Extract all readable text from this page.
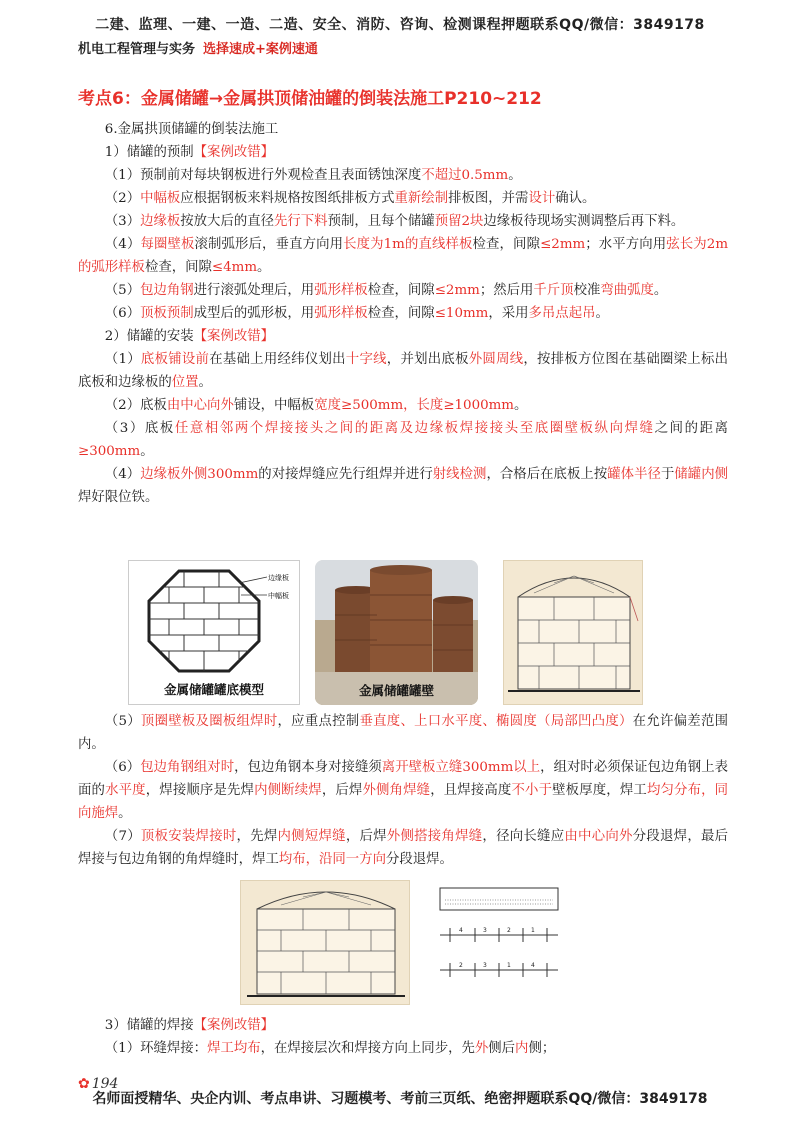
二建、监理、一建、一造、二造、安全、消防、咨询、检测课程押题联系QQ/微信：3849178
机电工程管理与实务 选择速成+案例速通
考点6：金属储罐→金属拱顶储油罐的倒装法施工P210~212

6.金属拱顶储罐的倒装法施工

1）储罐的预制【案例改错】

（1）预制前对每块钢板进行外观检查且表面锈蚀深度不超过0.5mm。

（2）中幅板应根据钢板来料规格按图纸排板方式重新绘制排板图，并需设计确认。

（3）边缘板按放大后的直径先行下料预制，且每个储罐预留2块边缘板待现场实测调整后再下料。

（4）每圈壁板滚制弧形后，垂直方向用长度为1m的直线样板检查，间隙≤2mm；水平方向用弦长为2m的弧形样板检查，间隙≤4mm。

（5）包边角钢进行滚弧处理后，用弧形样板检查，间隙≤2mm；然后用千斤顶校准弯曲弧度。

（6）顶板预制成型后的弧形板，用弧形样板检查，间隙≤10mm，采用多吊点起吊。

2）储罐的安装【案例改错】

（1）底板铺设前在基础上用经纬仪划出十字线，并划出底板外圆周线，按排板方位图在基础圈梁上标出底板和边缘板的位置。

（2）底板由中心向外铺设，中幅板宽度≥500mm，长度≥1000mm。

（3）底板任意相邻两个焊接接头之间的距离及边缘板焊接接头至底圈壁板纵向焊缝之间的距离≥300mm。

（4）边缘板外侧300mm的对接焊缝应先行组焊并进行射线检测，合格后在底板上按罐体半径于储罐内侧焊好限位铁。

边缘板
中幅板
金属储罐罐底模型	金属储罐罐壁

（5）顶圈壁板及圈板组焊时，应重点控制垂直度、上口水平度、椭圆度（局部凹凸度）在允许偏差范围内。

（6）包边角钢组对时，包边角钢本身对接缝须离开壁板立缝300mm以上，组对时必须保证包边角钢上表面的水平度，焊接顺序是先焊内侧断续焊，后焊外侧角焊缝，且焊接高度不小于壁板厚度，焊工均匀分布，同向施焊。

（7）顶板安装焊接时，先焊内侧短焊缝，后焊外侧搭接角焊缝，径向长缝应由中心向外分段退焊，最后焊接与包边角钢的角焊缝时，焊工均布，沿同一方向分段退焊。

4	3	2	1
2	3	1	4

3）储罐的焊接【案例改错】

（1）环缝焊接：焊工均布，在焊接层次和焊接方向上同步，先外侧后内侧；

✿ 194
名师面授精华、央企内训、考点串讲、习题模考、考前三页纸、绝密押题联系QQ/微信：3849178
